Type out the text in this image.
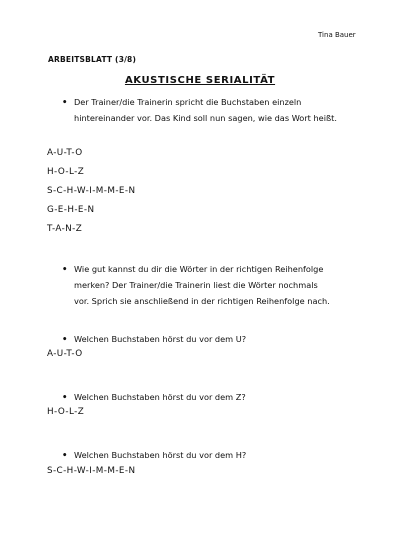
Tina Bauer
ARBEITSBLATT (3/8)
AKUSTISCHE SERIALITÄT
• Der Trainer/die Trainerin spricht die Buchstaben einzeln
hintereinander vor. Das Kind soll nun sagen, wie das Wort heißt.
A-U-T-O
H-O-L-Z
S-C-H-W-I-M-M-E-N
G-E-H-E-N
T-A-N-Z
• Wie gut kannst du dir die Wörter in der richtigen Reihenfolge
merken? Der Trainer/die Trainerin liest die Wörter nochmals
vor. Sprich sie anschließend in der richtigen Reihenfolge nach.
• Welchen Buchstaben hörst du vor dem U?
A-U-T-O
• Welchen Buchstaben hörst du vor dem Z?
H-O-L-Z
• Welchen Buchstaben hörst du vor dem H?
S-C-H-W-I-M-M-E-N
